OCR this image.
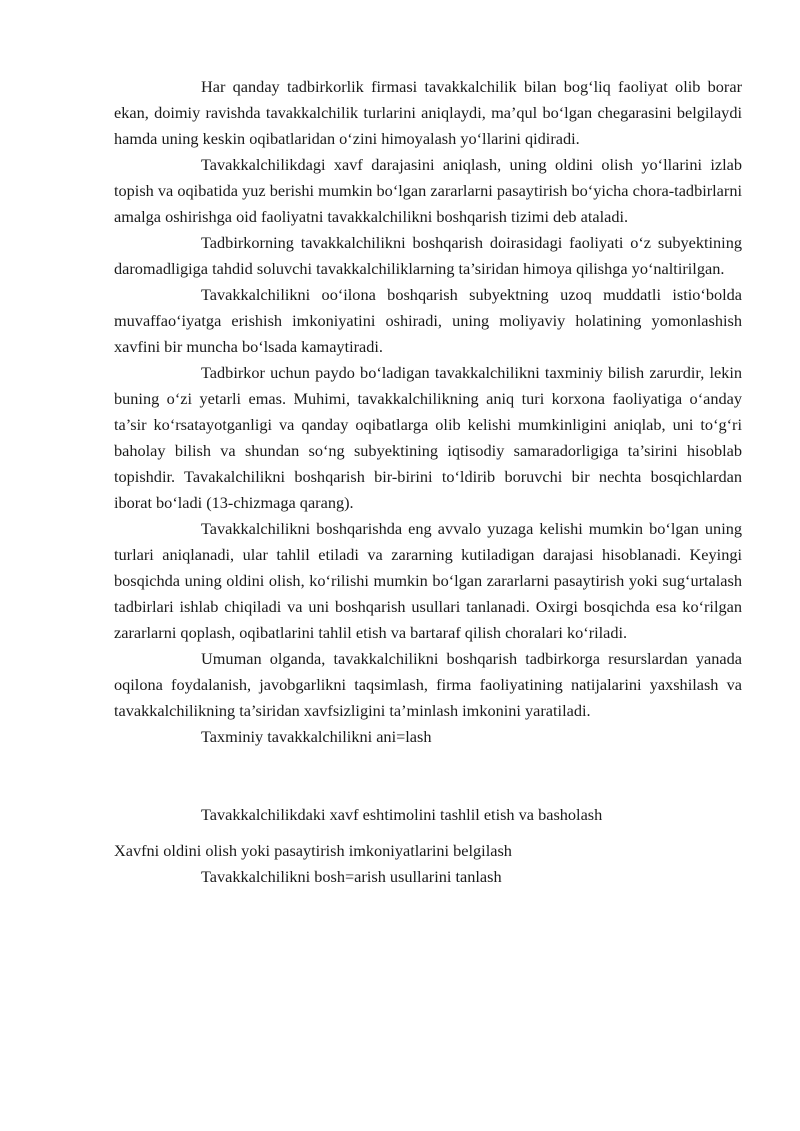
Har qanday tadbirkorlik firmasi tavakkalchilik bilan bog‘liq faoliyat olib borar ekan, doimiy ravishda tavakkalchilik turlarini aniqlaydi, ma’qul bo‘lgan chegarasini belgilaydi hamda uning keskin oqibatlaridan o‘zini himoyalash yo‘llarini qidiradi.

Tavakkalchilikdagi xavf darajasini aniqlash, uning oldini olish yo‘llarini izlab topish va oqibatida yuz berishi mumkin bo‘lgan zararlarni pasaytirish bo‘yicha chora-tadbirlarni amalga oshirishga oid faoliyatni tavakkalchilikni boshqarish tizimi deb ataladi.

Tadbirkorning tavakkalchilikni boshqarish doirasidagi faoliyati o‘z subyektining daromadligiga tahdid soluvchi tavakkalchiliklarning ta’siridan himoya qilishga yo‘naltirilgan.

Tavakkalchilikni oo‘ilona boshqarish subyektning uzoq muddatli istio‘bolda muvaffao‘iyatga erishish imkoniyatini oshiradi, uning moliyaviy holatining yomonlashish xavfini bir muncha bo‘lsada kamaytiradi.

Tadbirkor uchun paydo bo‘ladigan tavakkalchilikni taxminiy bilish zarurdir, lekin buning o‘zi yetarli emas. Muhimi, tavakkalchilikning aniq turi korxona faoliyatiga o‘anday ta’sir ko‘rsatayotganligi va qanday oqibatlarga olib kelishi mumkinligini aniqlab, uni to‘g‘ri baholay bilish va shundan so‘ng subyektining iqtisodiy samaradorligiga ta’sirini hisoblab topishdir. Tavakalchilikni boshqarish bir-birini to‘ldirib boruvchi bir nechta bosqichlardan iborat bo‘ladi (13-chizmaga qarang).

Tavakkalchilikni boshqarishda eng avvalo yuzaga kelishi mumkin bo‘lgan uning turlari aniqlanadi, ular tahlil etiladi va zararning kutiladigan darajasi hisoblanadi. Keyingi bosqichda uning oldini olish, ko‘rilishi mumkin bo‘lgan zararlarni pasaytirish yoki sug‘urtalash tadbirlari ishlab chiqiladi va uni boshqarish usullari tanlanadi. Oxirgi bosqichda esa ko‘rilgan zararlarni qoplash, oqibatlarini tahlil etish va bartaraf qilish choralari ko‘riladi.

Umuman olganda, tavakkalchilikni boshqarish tadbirkorga resurslardan yanada oqilona foydalanish, javobgarlikni taqsimlash, firma faoliyatining natijalarini yaxshilash va tavakkalchilikning ta’siridan xavfsizligini ta’minlash imkonini yaratiladi.

Taxminiy tavakkalchilikni ani=lash

Tavakkalchilikdaki xavf eshtimolini tashlil etish va basholash

Xavfni oldini olish yoki pasaytirish imkoniyatlarini belgilash

Tavakkalchilikni bosh=arish usullarini tanlash
